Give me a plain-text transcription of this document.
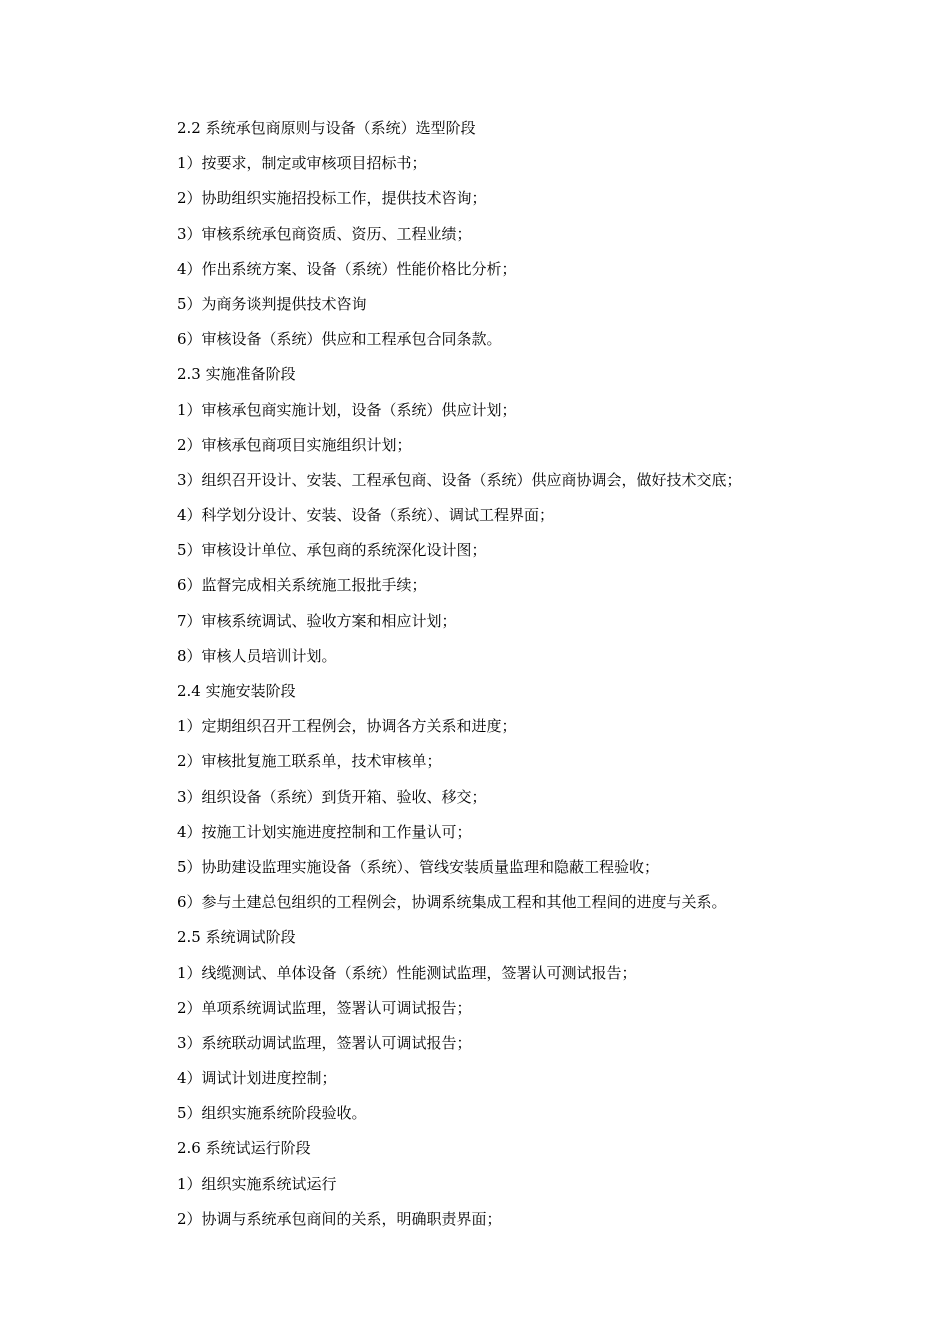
2.2 系统承包商原则与设备（系统）选型阶段
1）按要求，制定或审核项目招标书；
2）协助组织实施招投标工作，提供技术咨询；
3）审核系统承包商资质、资历、工程业绩；
4）作出系统方案、设备（系统）性能价格比分析；
5）为商务谈判提供技术咨询
6）审核设备（系统）供应和工程承包合同条款。
2.3 实施准备阶段
1）审核承包商实施计划，设备（系统）供应计划；
2）审核承包商项目实施组织计划；
3）组织召开设计、安装、工程承包商、设备（系统）供应商协调会，做好技术交底；
4）科学划分设计、安装、设备（系统）、调试工程界面；
5）审核设计单位、承包商的系统深化设计图；
6）监督完成相关系统施工报批手续；
7）审核系统调试、验收方案和相应计划；
8）审核人员培训计划。
2.4 实施安装阶段
1）定期组织召开工程例会，协调各方关系和进度；
2）审核批复施工联系单，技术审核单；
3）组织设备（系统）到货开箱、验收、移交；
4）按施工计划实施进度控制和工作量认可；
5）协助建设监理实施设备（系统）、管线安装质量监理和隐蔽工程验收；
6）参与土建总包组织的工程例会，协调系统集成工程和其他工程间的进度与关系。
2.5 系统调试阶段
1）线缆测试、单体设备（系统）性能测试监理，签署认可测试报告；
2）单项系统调试监理，签署认可调试报告；
3）系统联动调试监理，签署认可调试报告；
4）调试计划进度控制；
5）组织实施系统阶段验收。
2.6 系统试运行阶段
1）组织实施系统试运行
2）协调与系统承包商间的关系，明确职责界面；
